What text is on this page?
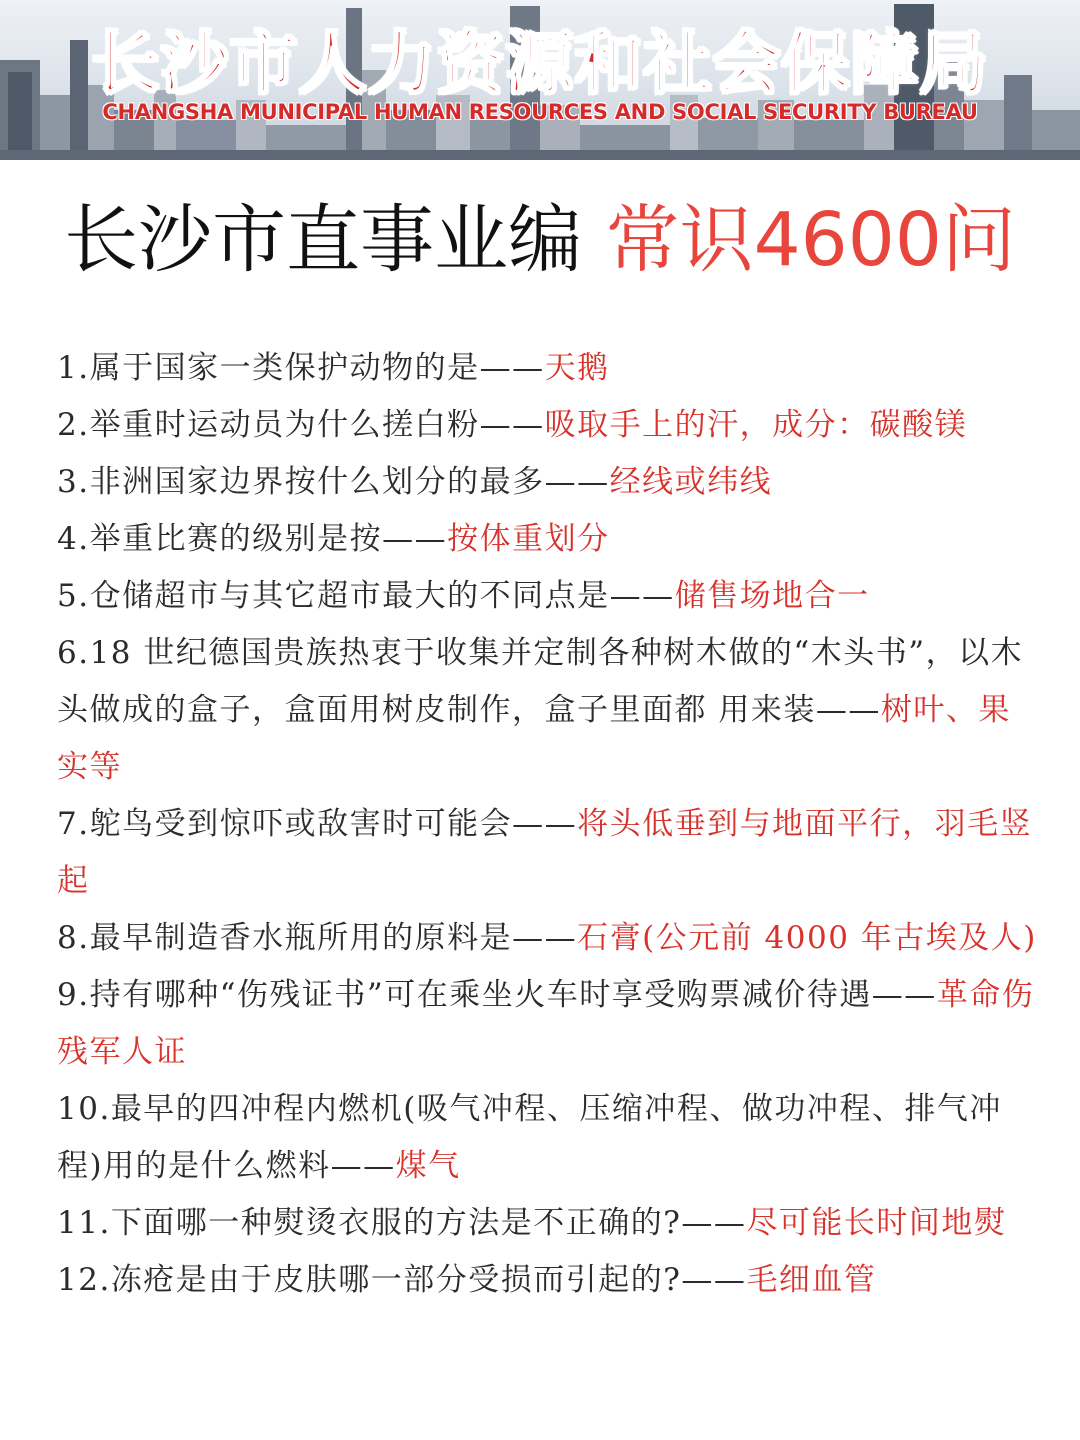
长沙市人力资源和社会保障局
CHANGSHA MUNICIPAL HUMAN RESOURCES AND SOCIAL SECURITY BUREAU
长沙市直事业编 常识4600问
1.属于国家一类保护动物的是——天鹅
2.举重时运动员为什么搓白粉——吸取手上的汗，成分：碳酸镁
3.非洲国家边界按什么划分的最多——经线或纬线
4.举重比赛的级别是按——按体重划分
5.仓储超市与其它超市最大的不同点是——储售场地合一
6.18 世纪德国贵族热衷于收集并定制各种树木做的“木头书”，以木头做成的盒子，盒面用树皮制作，盒子里面都 用来装——树叶、果实等
7.鸵鸟受到惊吓或敌害时可能会——将头低垂到与地面平行，羽毛竖起
8.最早制造香水瓶所用的原料是——石膏(公元前 4000 年古埃及人)
9.持有哪种“伤残证书”可在乘坐火车时享受购票减价待遇——革命伤残军人证
10.最早的四冲程内燃机(吸气冲程、压缩冲程、做功冲程、排气冲程)用的是什么燃料——煤气
11.下面哪一种熨烫衣服的方法是不正确的?——尽可能长时间地熨
12.冻疮是由于皮肤哪一部分受损而引起的?——毛细血管
